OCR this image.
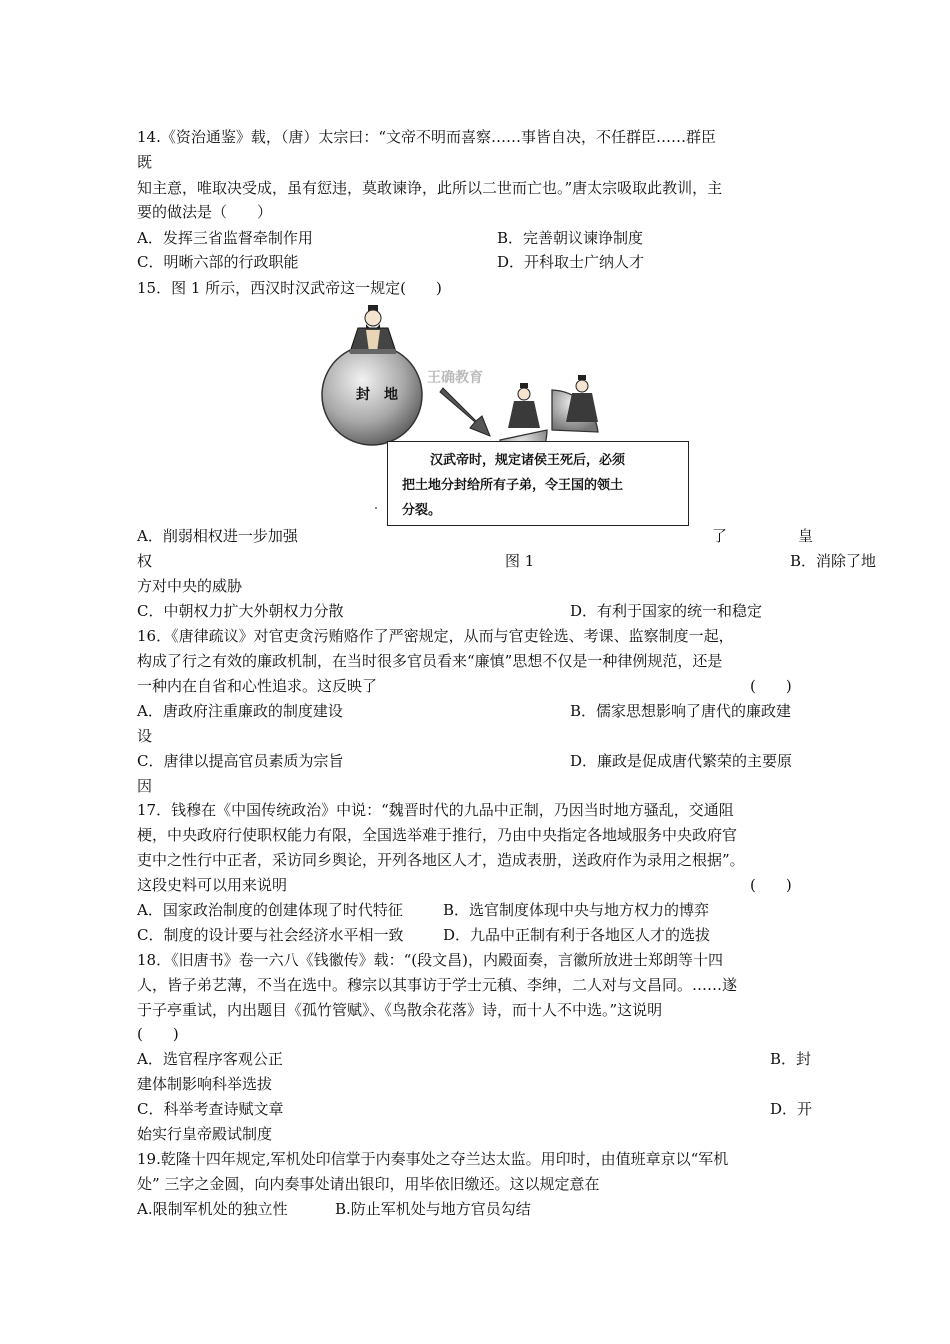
14.《资治通鉴》载，（唐）太宗曰：“文帝不明而喜察……事皆自决，不任群臣……群臣
既
知主意，唯取决受成，虽有愆违，莫敢谏诤，此所以二世而亡也。”唐太宗吸取此教训，主
要的做法是（　　）
A．发挥三省监督牵制作用	B．完善朝议谏诤制度
C．明晰六部的行政职能	D．开科取士广纳人才
15．图 1 所示，西汉时汉武帝这一规定(　　)
封　地
王确教育
汉武帝时，规定诸侯王死后，必须
把土地分封给所有子弟，令王国的领土
分裂。
A．削弱相权进一步加强	了	皇
权	图 1	B．消除了地
方对中央的威胁
C．中朝权力扩大外朝权力分散	D．有利于国家的统一和稳定
16．《唐律疏议》对官吏贪污贿赂作了严密规定，从而与官吏铨选、考课、监察制度一起，
构成了行之有效的廉政机制，在当时很多官员看来“廉慎”思想不仅是一种律例规范，还是
一种内在自省和心性追求。这反映了	(　　)
A．唐政府注重廉政的制度建设	B．儒家思想影响了唐代的廉政建
设
C．唐律以提高官员素质为宗旨	D．廉政是促成唐代繁荣的主要原
因
17．钱穆在《中国传统政治》中说：“魏晋时代的九品中正制，乃因当时地方骚乱，交通阻
梗，中央政府行使职权能力有限，全国选举难于推行，乃由中央指定各地域服务中央政府官
吏中之性行中正者，采访同乡舆论，开列各地区人才，造成表册，送政府作为录用之根据”。
这段史料可以用来说明	(　　)
A．国家政治制度的创建体现了时代特征	B．选官制度体现中央与地方权力的博弈
C．制度的设计要与社会经济水平相一致	D．九品中正制有利于各地区人才的选拔
18．《旧唐书》卷一六八《钱徽传》载：“(段文昌)，内殿面奏，言徽所放进士郑朗等十四
人，皆子弟艺薄，不当在选中。穆宗以其事访于学士元稹、李绅，二人对与文昌同。……遂
于子亭重试，内出题目《孤竹管赋》、《鸟散余花落》诗，而十人不中选。”这说明
(　　)
A．选官程序客观公正	B．封
建体制影响科举选拔
C．科举考查诗赋文章	D．开
始实行皇帝殿试制度
19.乾隆十四年规定,军机处印信掌于内奏事处之夺兰达太监。用印时，由值班章京以“军机
处” 三字之金圆，向内奏事处请出银印，用毕依旧缴还。这以规定意在
A.限制军机处的独立性	B.防止军机处与地方官员勾结
